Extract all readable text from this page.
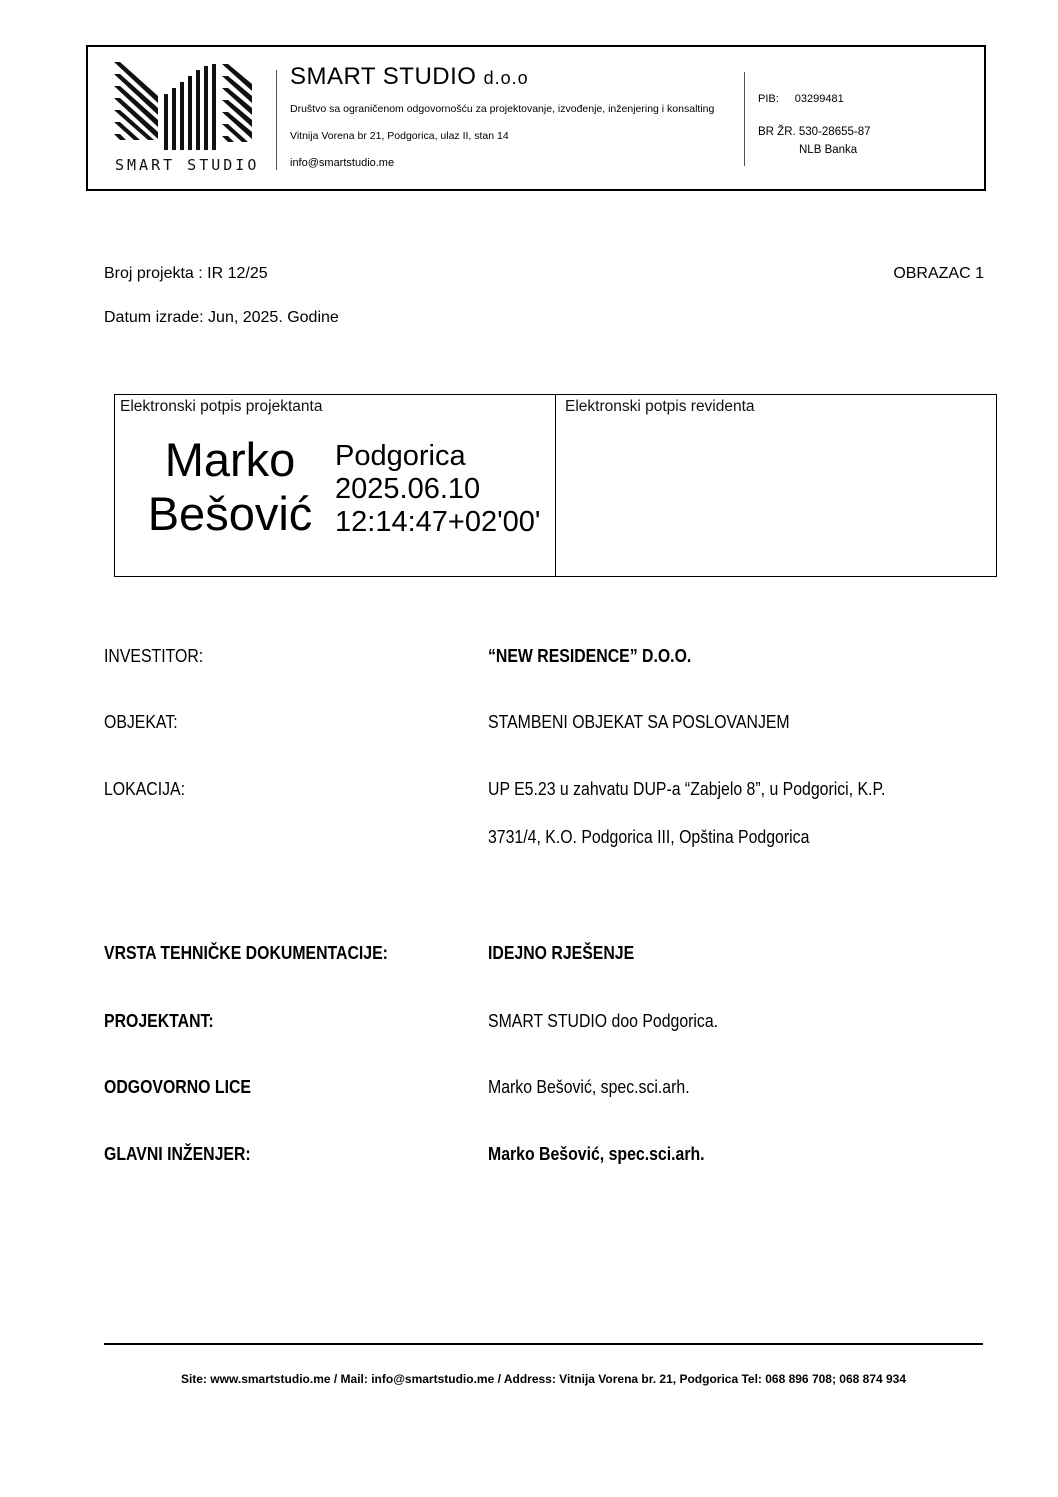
SMART STUDIO
SMART STUDIO d.o.o
Društvo sa ograničenom odgovornošću za projektovanje, izvođenje, inženjering i konsalting
Vitnija Vorena br 21, Podgorica, ulaz II, stan 14
info@smartstudio.me
PIB: 03299481
BR ŽR. 530-28655-87
NLB Banka
Broj projekta : IR 12/25	OBRAZAC 1
Datum izrade: Jun, 2025. Godine
Elektronski potpis projektanta	Elektronski potpis revidenta
Marko
Bešović
Podgorica
2025.06.10
12:14:47+02'00'
INVESTITOR:	“NEW RESIDENCE” D.O.O.
OBJEKAT:	STAMBENI OBJEKAT SA POSLOVANJEM
LOKACIJA:	UP E5.23 u zahvatu DUP-a “Zabjelo 8”, u Podgorici, K.P.
3731/4, K.O. Podgorica III, Opština Podgorica
VRSTA TEHNIČKE DOKUMENTACIJE:	IDEJNO RJEŠENJE
PROJEKTANT:	SMART STUDIO doo Podgorica.
ODGOVORNO LICE	Marko Bešović, spec.sci.arh.
GLAVNI INŽENJER:	Marko Bešović, spec.sci.arh.
Site: www.smartstudio.me / Mail: info@smartstudio.me / Address: Vitnija Vorena br. 21, Podgorica Tel: 068 896 708; 068 874 934
